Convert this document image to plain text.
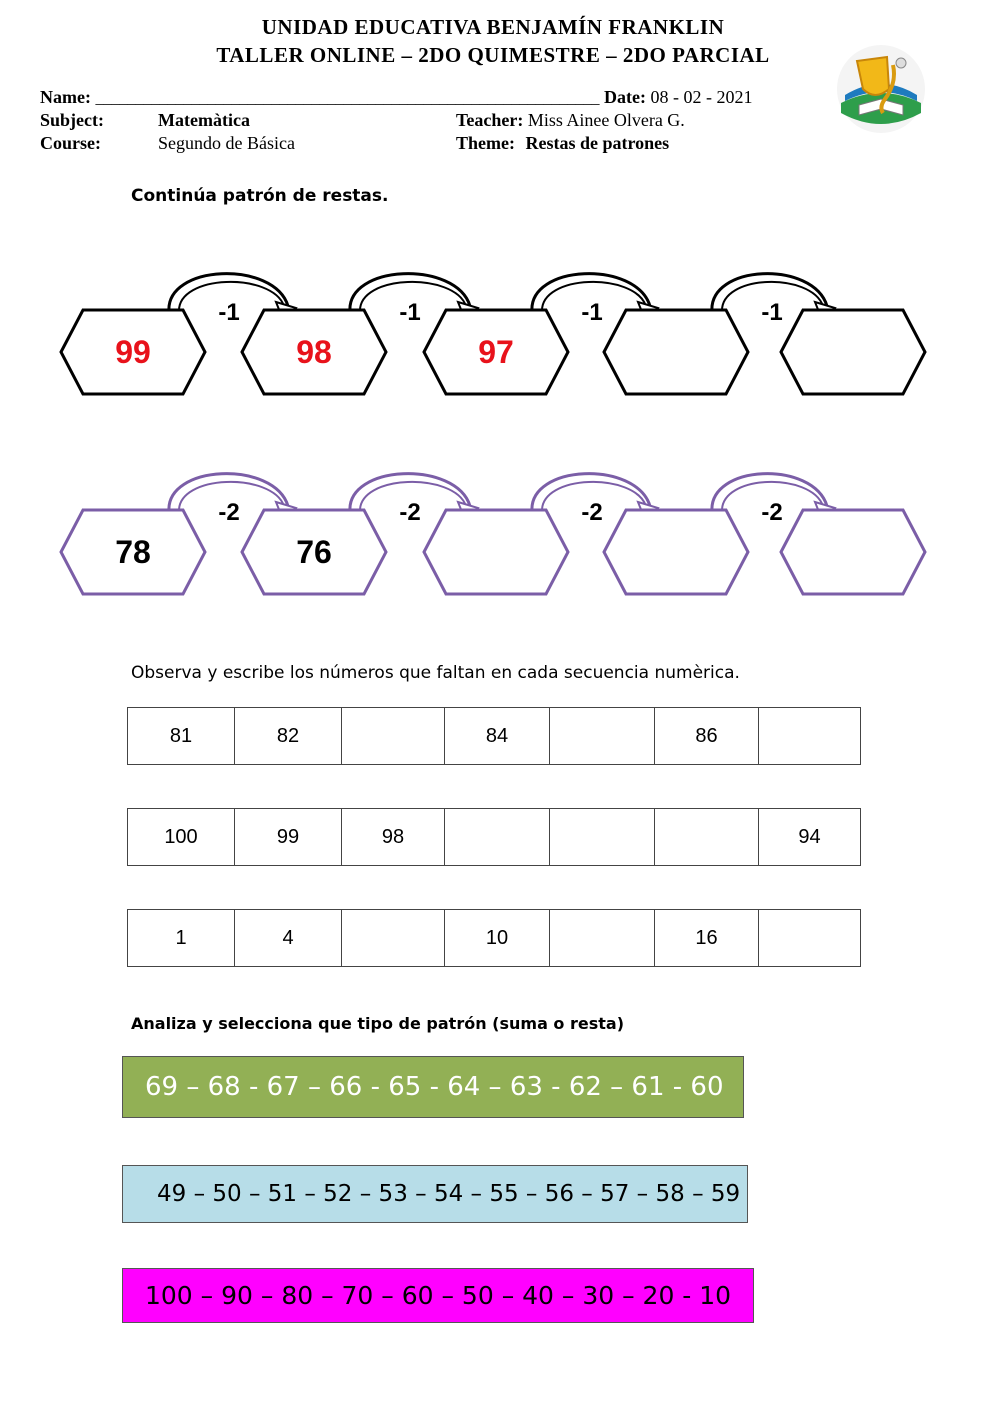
UNIDAD EDUCATIVA BENJAMÍN FRANKLIN
TALLER ONLINE – 2DO QUIMESTRE – 2DO PARCIAL
Name: _______________________________________________________________ Date: 08 - 02 - 2021
Subject:	Matemàtica	Teacher: Miss Ainee Olvera G.
Course:	Segundo de Básica	Theme: Restas de patrones
Continúa patrón de restas.
-1	-1	-1	-1
99	98	97
-2	-2	-2	-2
78	76
Observa y escribe los números que faltan en cada secuencia numèrica.
81	82		84		86	
100	99	98				94
1	4		10		16	
Analiza y selecciona que tipo de patrón (suma o resta)
69 – 68 - 67 – 66 - 65 - 64 – 63 - 62 – 61 - 60
49 – 50 – 51 – 52 – 53 – 54 – 55 – 56 – 57 – 58 – 59
100 – 90 – 80 – 70 – 60 – 50 – 40 – 30 – 20 - 10
